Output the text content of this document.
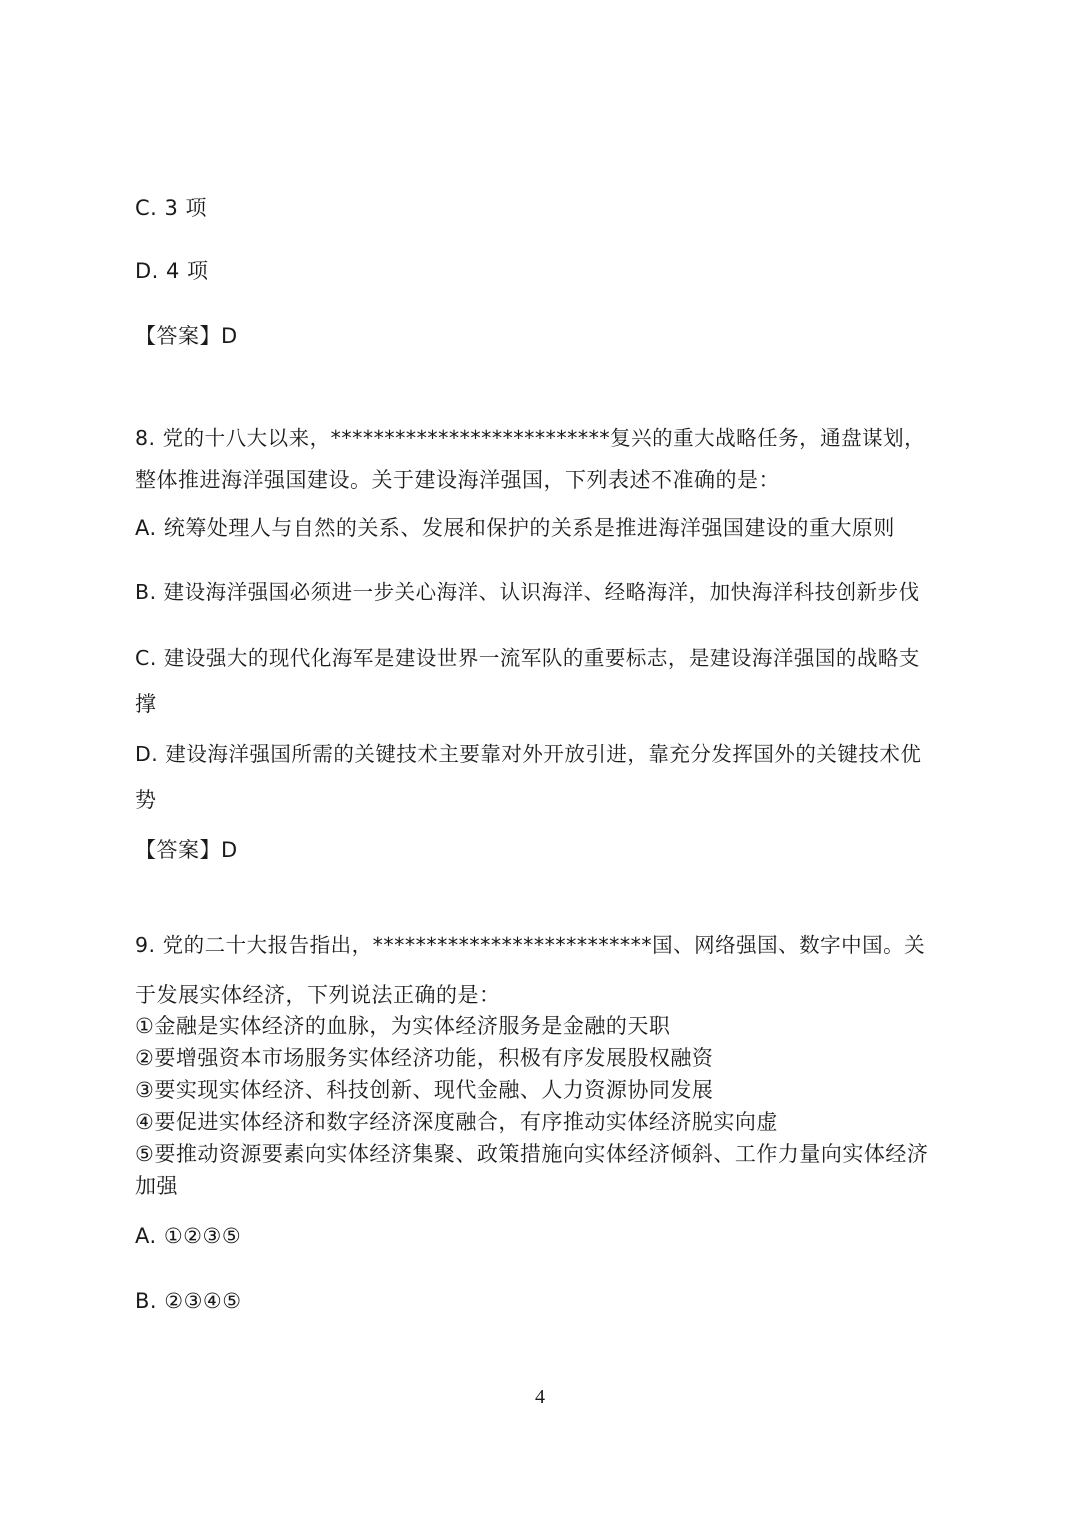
C. 3 项
D. 4 项
【答案】D
8. 党的十八大以来，**************************复兴的重大战略任务，通盘谋划，
整体推进海洋强国建设。关于建设海洋强国，下列表述不准确的是：
A. 统筹处理人与自然的关系、发展和保护的关系是推进海洋强国建设的重大原则
B. 建设海洋强国必须进一步关心海洋、认识海洋、经略海洋，加快海洋科技创新步伐
C. 建设强大的现代化海军是建设世界一流军队的重要标志，是建设海洋强国的战略支
撑
D. 建设海洋强国所需的关键技术主要靠对外开放引进，靠充分发挥国外的关键技术优
势
【答案】D
9. 党的二十大报告指出，**************************国、网络强国、数字中国。关
于发展实体经济，下列说法正确的是：
①金融是实体经济的血脉，为实体经济服务是金融的天职
②要增强资本市场服务实体经济功能，积极有序发展股权融资
③要实现实体经济、科技创新、现代金融、人力资源协同发展
④要促进实体经济和数字经济深度融合，有序推动实体经济脱实向虚
⑤要推动资源要素向实体经济集聚、政策措施向实体经济倾斜、工作力量向实体经济
加强
A. ①②③⑤
B. ②③④⑤
4
